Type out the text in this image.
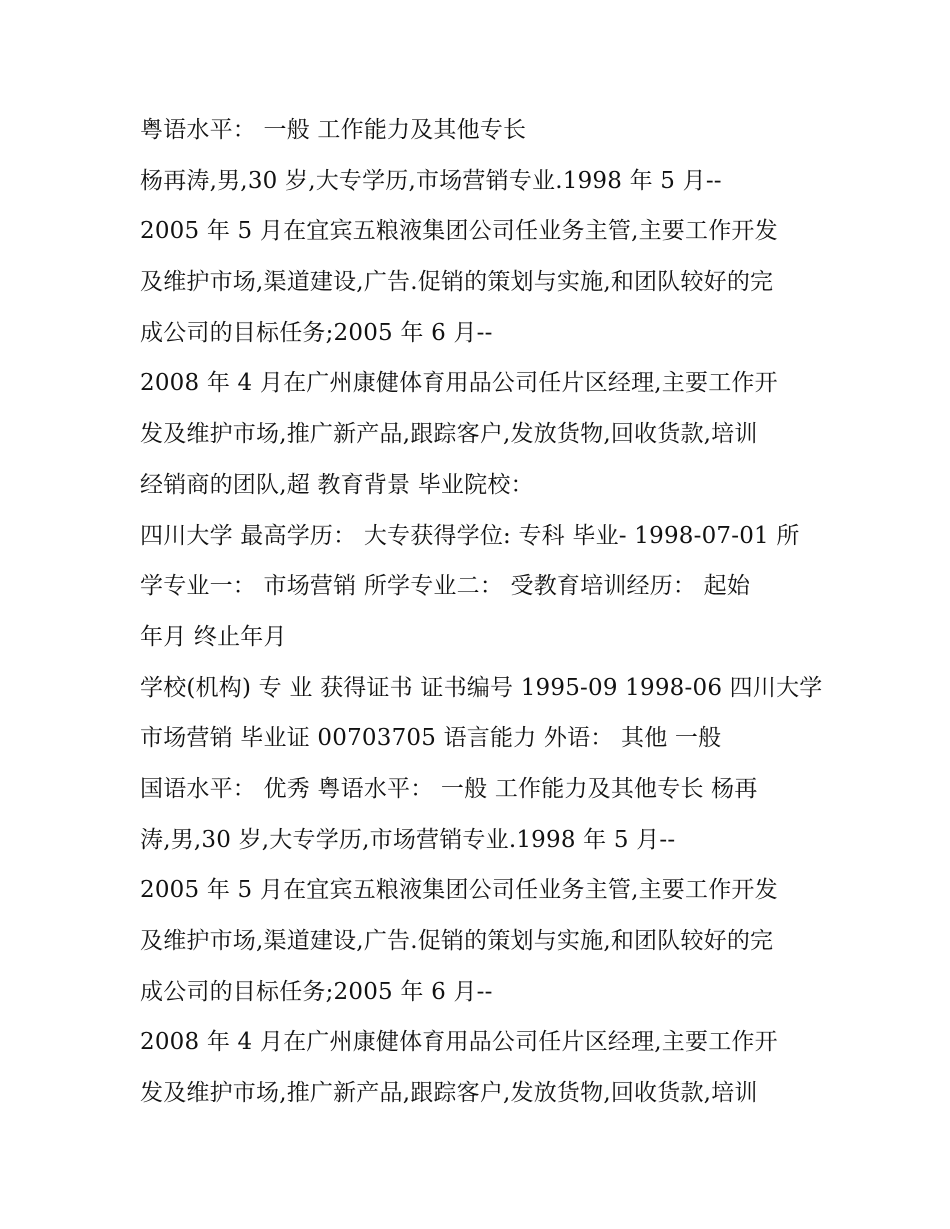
粤语水平： 一般 工作能力及其他专长
杨再涛,男,30 岁,大专学历,市场营销专业.1998 年 5 月--
2005 年 5 月在宜宾五粮液集团公司任业务主管,主要工作开发
及维护市场,渠道建设,广告.促销的策划与实施,和团队较好的完
成公司的目标任务;2005 年 6 月--
2008 年 4 月在广州康健体育用品公司任片区经理,主要工作开
发及维护市场,推广新产品,跟踪客户,发放货物,回收货款,培训
经销商的团队,超 教育背景 毕业院校：
四川大学 最高学历： 大专获得学位: 专科 毕业- 1998-07-01 所
学专业一： 市场营销 所学专业二： 受教育培训经历： 起始
年月 终止年月
学校(机构) 专 业 获得证书 证书编号 1995-09 1998-06 四川大学
市场营销 毕业证 00703705 语言能力 外语： 其他 一般
国语水平： 优秀 粤语水平： 一般 工作能力及其他专长 杨再
涛,男,30 岁,大专学历,市场营销专业.1998 年 5 月--
2005 年 5 月在宜宾五粮液集团公司任业务主管,主要工作开发
及维护市场,渠道建设,广告.促销的策划与实施,和团队较好的完
成公司的目标任务;2005 年 6 月--
2008 年 4 月在广州康健体育用品公司任片区经理,主要工作开
发及维护市场,推广新产品,跟踪客户,发放货物,回收货款,培训
